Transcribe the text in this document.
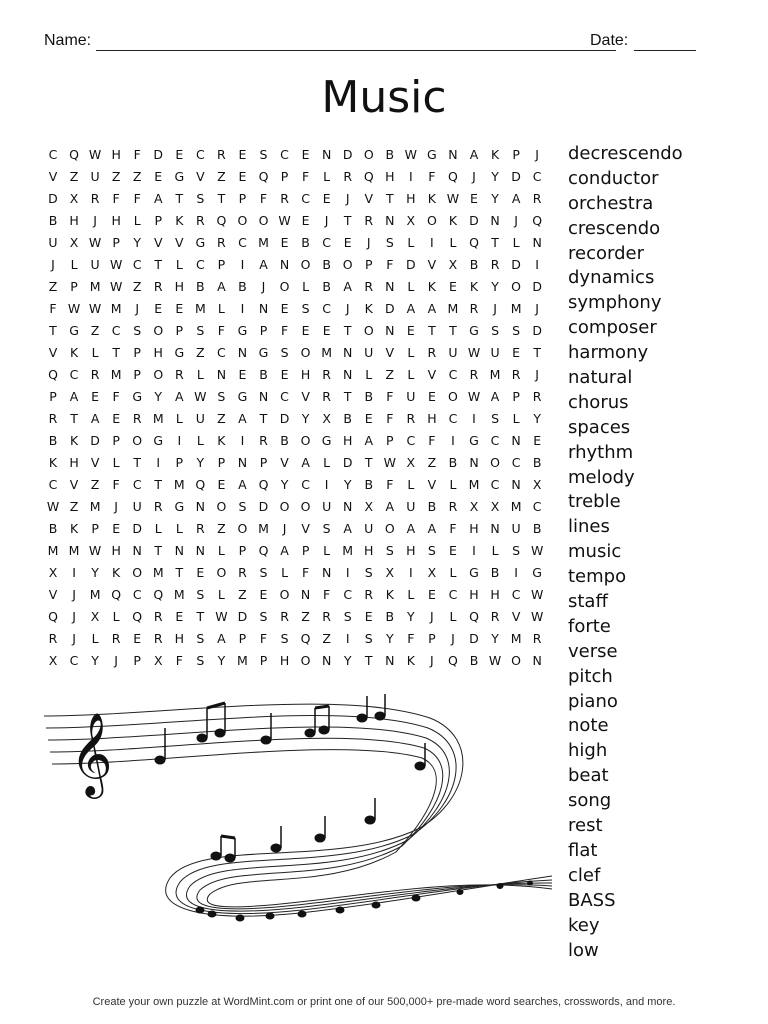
Name:	Date:
Music
C Q W H	F	D E	C R	E	S	C	E N D O B W G N A	K	P	J
V Z U Z Z	E G V Z	E Q P	F	L	R Q H	I	F	Q	J	Y D C
D X R	F	F	A	T	S	T	P	F	R C	E	J	V	T	H K W E	Y	A R
B H	J	H	L	P	K	R Q O O W E	J	T	R N X O K D N	J	Q
U X W P	Y	V V G R C M E	B C	E	J	S	L	I	L	Q T	L	N
J	L	U W C	T	L	C	P	I	A N O B O P	F	D V X B R D	I
Z	P M W Z R H B A B	J	O	L	B A R N	L	K	E	K	Y O D
F W W M	J	E	E M L	I	N E	S	C	J	K D A A M R	J	M	J
T G Z C	S O P	S	F	G P	F	E	E	T O N E	T	T G S	S D
V	K	L	T	P	H G Z C N G S O M N U V	L	R U W U	E	T
Q C R M P O R	L	N E	B	E H R N	L	Z	L	V C R M R	J
P	A	E	F	G Y	A W S G N C V R	T	B	F	U	E O W A	P	R
R	T	A	E	R M L	U Z A	T D Y	X B	E	F	R H C	I	S	L	Y
B	K D P O G	I	L	K	I	R B O G H A	P	C	F	I	G C N E
K H V	L	T	I	P	Y	P	N	P	V A	L	D T W X Z B N O C B
C V Z	F	C	T M Q E	A Q Y	C	I	Y	B	F	L	V	L M C N X
W Z M	J	U R G N O S D O O U N X A U B R X X M C
B	K	P	E D	L	L	R Z O M	J	V	S	A U O A A	F	H N U B
M M W H N	T	N N	L	P Q A	P	L M H S H S	E	I	L	S W
X	I	Y	K O M T	E O R	S	L	F	N	I	S	X	I	X	L	G B	I	G
V	J	M Q C Q M S	L	Z	E O N	F	C R	K	L	E	C H H C W
Q	J	X	L	Q R	E	T W D S	R Z R	S	E	B	Y	J	L	Q R V W
R	J	L	R	E	R H S	A	P	F	S Q Z	I	S	Y	F	P	J	D Y M R
X C	Y	J	P	X	F	S	Y M P	H O N	Y	T	N K	J	Q B W O N
decrescendo
conductor
orchestra
crescendo
recorder
dynamics
symphony
composer
harmony
natural
chorus
spaces
rhythm
melody
treble
lines
music
tempo
staff
forte
verse
pitch
piano
note
high
beat
song
rest
flat
clef
BASS
key
low
𝄞
Create your own puzzle at WordMint.com or print one of our 500,000+ pre-made word searches, crosswords, and more.
